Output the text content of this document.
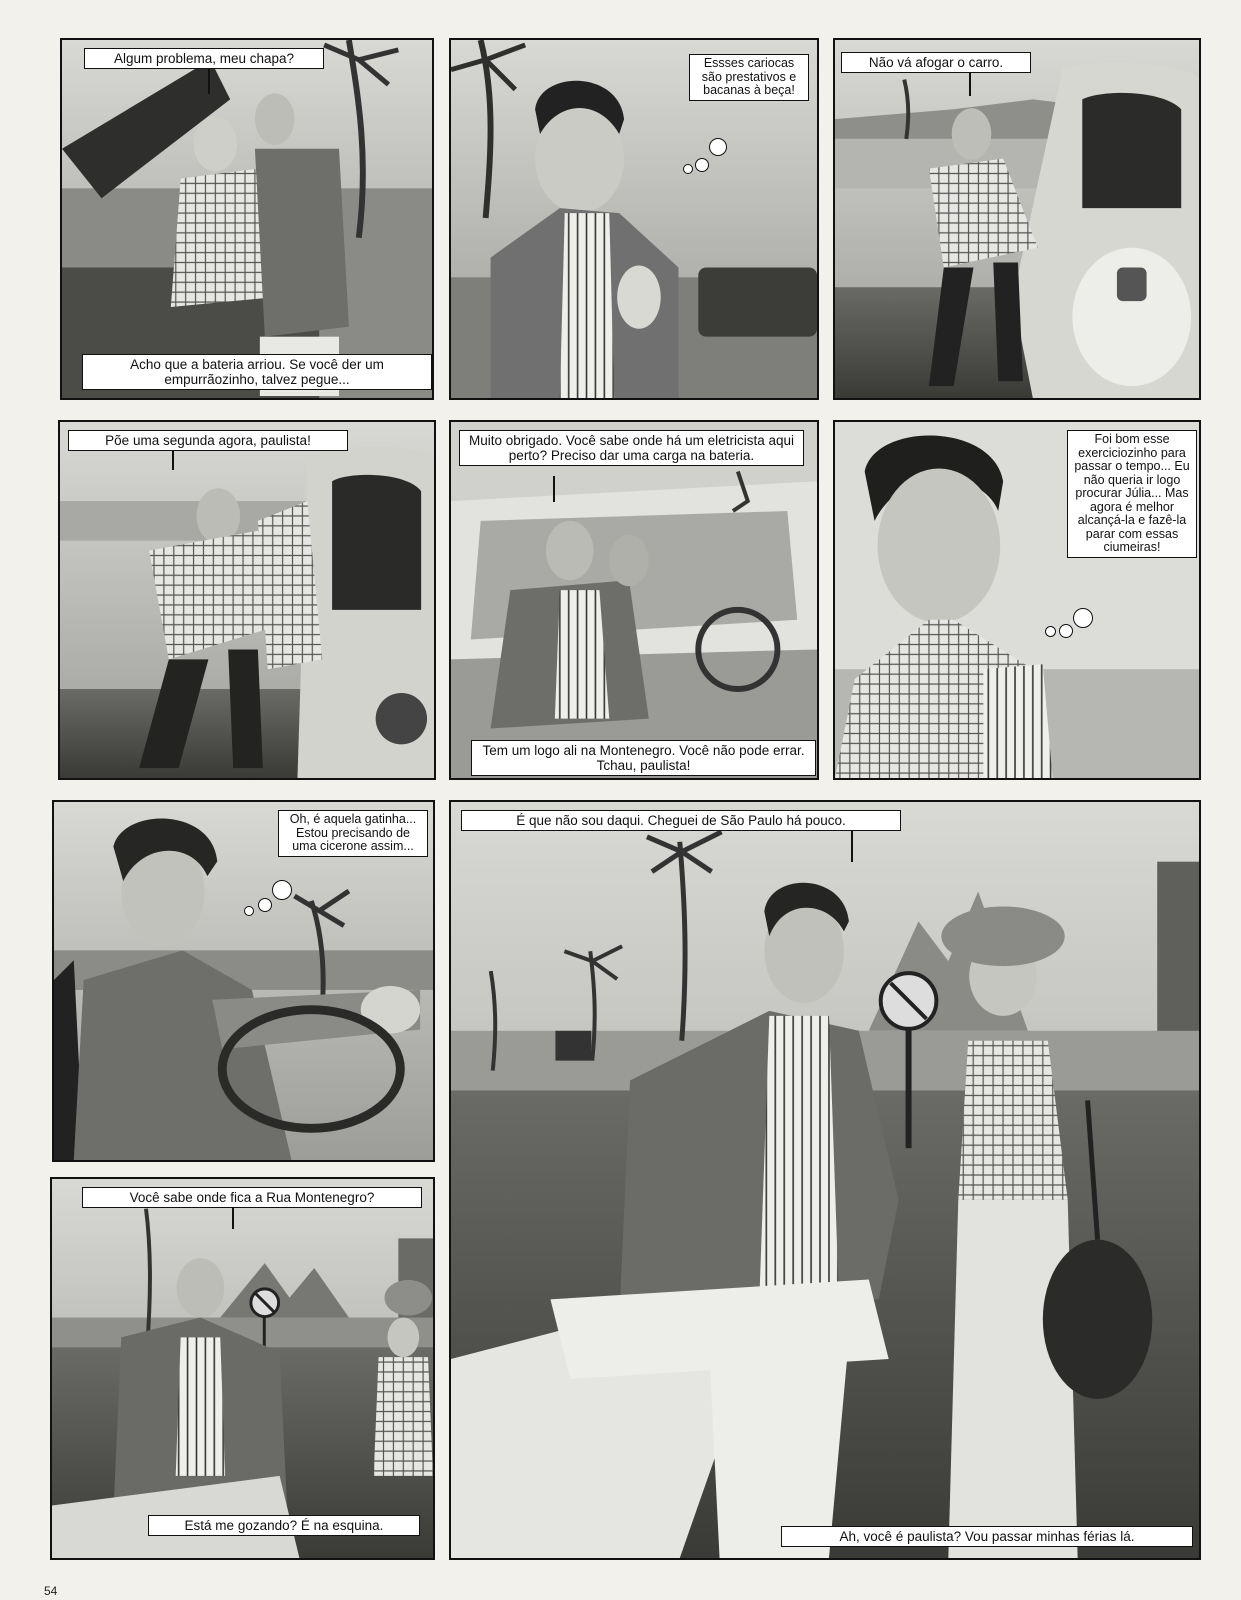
Algum problema, meu chapa?
Acho que a bateria arriou. Se você der um empurrãozinho, talvez pegue...
Essses cariocas são prestativos e bacanas à beça!
Não vá afogar o carro.
Põe uma segunda agora, paulista!	Muito obrigado. Você sabe onde há um eletricista aqui perto? Preciso dar uma carga na bateria.
Tem um logo ali na Montenegro. Você não pode errar. Tchau, paulista!
Foi bom esse exerciciozinho para passar o tempo... Eu não queria ir logo procurar Júlia... Mas agora é melhor alcançá-la e fazê-la parar com essas ciumeiras!
Oh, é aquela gatinha... Estou precisando de uma cicerone assim...
Você sabe onde fica a Rua Montenegro?
Está me gozando? É na esquina.
É que não sou daqui. Cheguei de São Paulo há pouco.
Ah, você é paulista? Vou passar minhas férias lá.
54
